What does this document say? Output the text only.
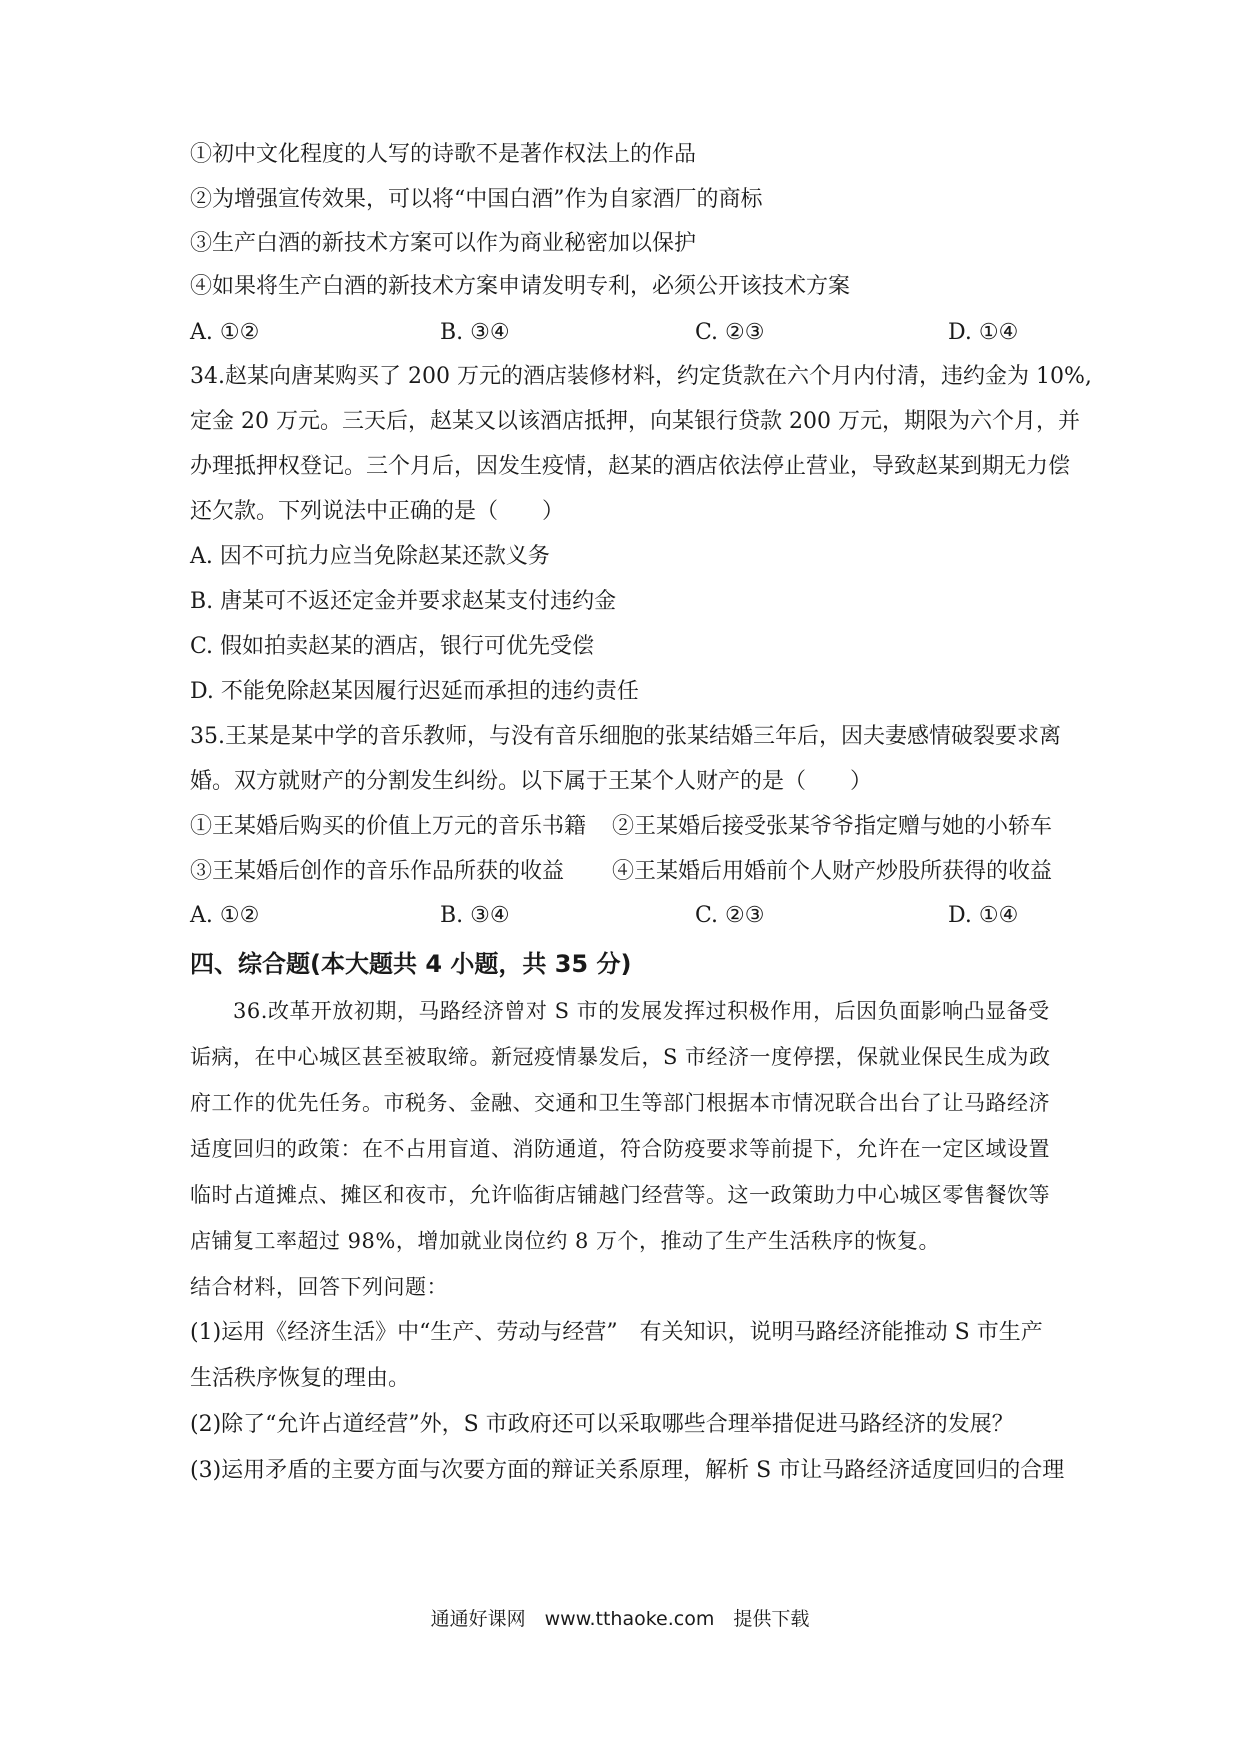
①初中文化程度的人写的诗歌不是著作权法上的作品
②为增强宣传效果，可以将“中国白酒”作为自家酒厂的商标
③生产白酒的新技术方案可以作为商业秘密加以保护
④如果将生产白酒的新技术方案申请发明专利，必须公开该技术方案
A. ①②	B. ③④	C. ②③	D. ①④
34.赵某向唐某购买了 200 万元的酒店装修材料，约定货款在六个月内付清，违约金为 10%,
定金 20 万元。三天后，赵某又以该酒店抵押，向某银行贷款 200 万元，期限为六个月，并
办理抵押权登记。三个月后，因发生疫情，赵某的酒店依法停止营业，导致赵某到期无力偿
还欠款。下列说法中正确的是（　　）
A. 因不可抗力应当免除赵某还款义务
B. 唐某可不返还定金并要求赵某支付违约金
C. 假如拍卖赵某的酒店，银行可优先受偿
D. 不能免除赵某因履行迟延而承担的违约责任
35.王某是某中学的音乐教师，与没有音乐细胞的张某结婚三年后，因夫妻感情破裂要求离
婚。双方就财产的分割发生纠纷。以下属于王某个人财产的是（　　）
①王某婚后购买的价值上万元的音乐书籍 ②王某婚后接受张某爷爷指定赠与她的小轿车
③王某婚后创作的音乐作品所获的收益 ④王某婚后用婚前个人财产炒股所获得的收益
A. ①②	B. ③④	C. ②③	D. ①④
四、综合题(本大题共 4 小题，共 35 分)
　　36.改革开放初期，马路经济曾对 S 市的发展发挥过积极作用，后因负面影响凸显备受
诟病，在中心城区甚至被取缔。新冠疫情暴发后，S 市经济一度停摆，保就业保民生成为政
府工作的优先任务。市税务、金融、交通和卫生等部门根据本市情况联合出台了让马路经济
适度回归的政策：在不占用盲道、消防通道，符合防疫要求等前提下，允许在一定区域设置
临时占道摊点、摊区和夜市，允许临街店铺越门经营等。这一政策助力中心城区零售餐饮等
店铺复工率超过 98%，增加就业岗位约 8 万个，推动了生产生活秩序的恢复。
结合材料，回答下列问题：
(1)运用《经济生活》中“生产、劳动与经营”　有关知识，说明马路经济能推动 S 市生产
生活秩序恢复的理由。
(2)除了“允许占道经营”外，S 市政府还可以采取哪些合理举措促进马路经济的发展？
(3)运用矛盾的主要方面与次要方面的辩证关系原理，解析 S 市让马路经济适度回归的合理
通通好课网　www.tthaoke.com　提供下载
